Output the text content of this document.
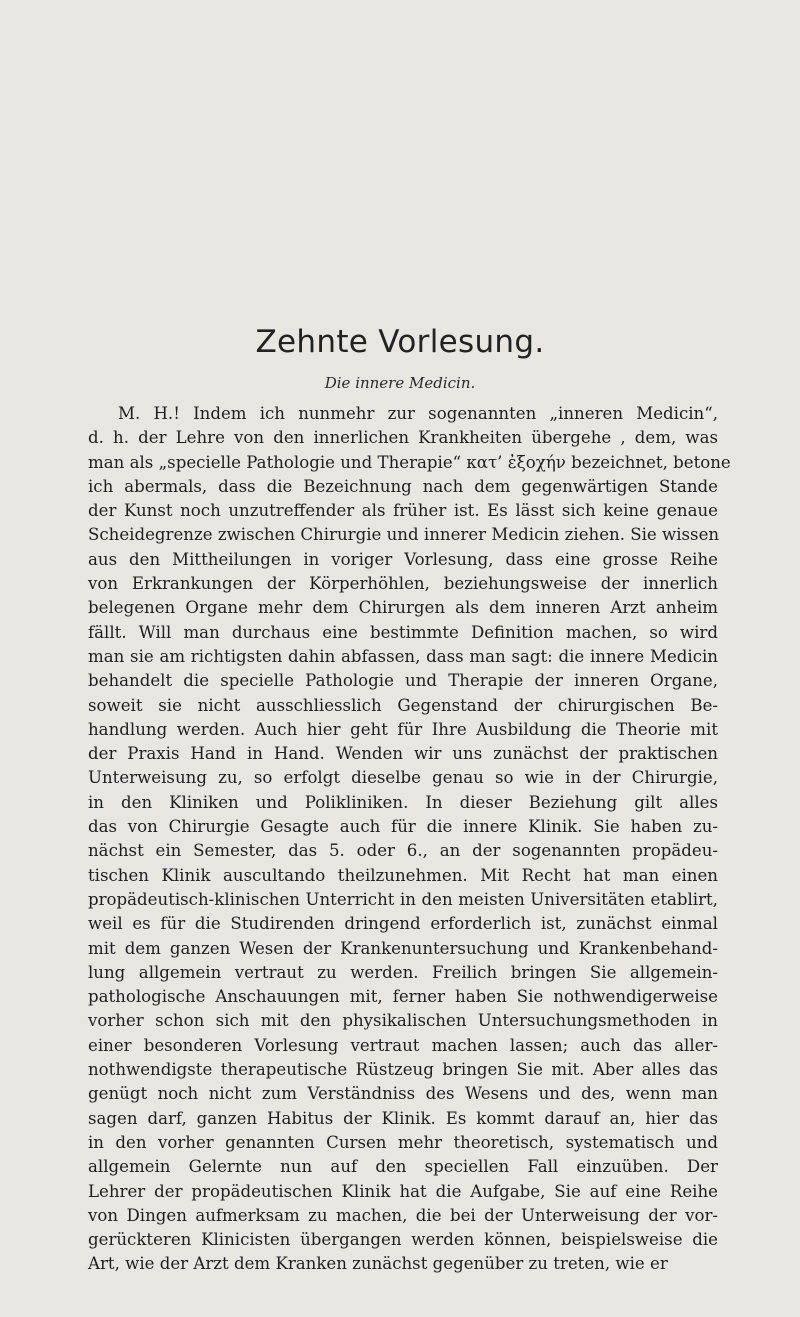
Zehnte Vorlesung.

Die innere Medicin.

M. H.! Indem ich nunmehr zur sogenannten „inneren Medicin“,
d. h. der Lehre von den innerlichen Krankheiten übergehe , dem, was
man als „specielle Pathologie und Therapie“ κατ’ ἐξοχήν bezeichnet, betone
ich abermals, dass die Bezeichnung nach dem gegenwärtigen Stande
der Kunst noch unzutreffender als früher ist. Es lässt sich keine genaue
Scheidegrenze zwischen Chirurgie und innerer Medicin ziehen. Sie wissen
aus den Mittheilungen in voriger Vorlesung, dass eine grosse Reihe
von Erkrankungen der Körperhöhlen, beziehungsweise der innerlich
belegenen Organe mehr dem Chirurgen als dem inneren Arzt anheim
fällt. Will man durchaus eine bestimmte Definition machen, so wird
man sie am richtigsten dahin abfassen, dass man sagt: die innere Medicin
behandelt die specielle Pathologie und Therapie der inneren Organe,
soweit sie nicht ausschliesslich Gegenstand der chirurgischen Be-
handlung werden. Auch hier geht für Ihre Ausbildung die Theorie mit
der Praxis Hand in Hand. Wenden wir uns zunächst der praktischen
Unterweisung zu, so erfolgt dieselbe genau so wie in der Chirurgie,
in den Kliniken und Polikliniken. In dieser Beziehung gilt alles
das von Chirurgie Gesagte auch für die innere Klinik. Sie haben zu-
nächst ein Semester, das 5. oder 6., an der sogenannten propädeu-
tischen Klinik auscultando theilzunehmen. Mit Recht hat man einen
propädeutisch-klinischen Unterricht in den meisten Universitäten etablirt,
weil es für die Studirenden dringend erforderlich ist, zunächst einmal
mit dem ganzen Wesen der Krankenuntersuchung und Krankenbehand-
lung allgemein vertraut zu werden. Freilich bringen Sie allgemein-
pathologische Anschauungen mit, ferner haben Sie nothwendigerweise
vorher schon sich mit den physikalischen Untersuchungsmethoden in
einer besonderen Vorlesung vertraut machen lassen; auch das aller-
nothwendigste therapeutische Rüstzeug bringen Sie mit. Aber alles das
genügt noch nicht zum Verständniss des Wesens und des, wenn man
sagen darf, ganzen Habitus der Klinik. Es kommt darauf an, hier das
in den vorher genannten Cursen mehr theoretisch, systematisch und
allgemein Gelernte nun auf den speciellen Fall einzuüben. Der
Lehrer der propädeutischen Klinik hat die Aufgabe, Sie auf eine Reihe
von Dingen aufmerksam zu machen, die bei der Unterweisung der vor-
gerückteren Klinicisten übergangen werden können, beispielsweise die
Art, wie der Arzt dem Kranken zunächst gegenüber zu treten, wie er
